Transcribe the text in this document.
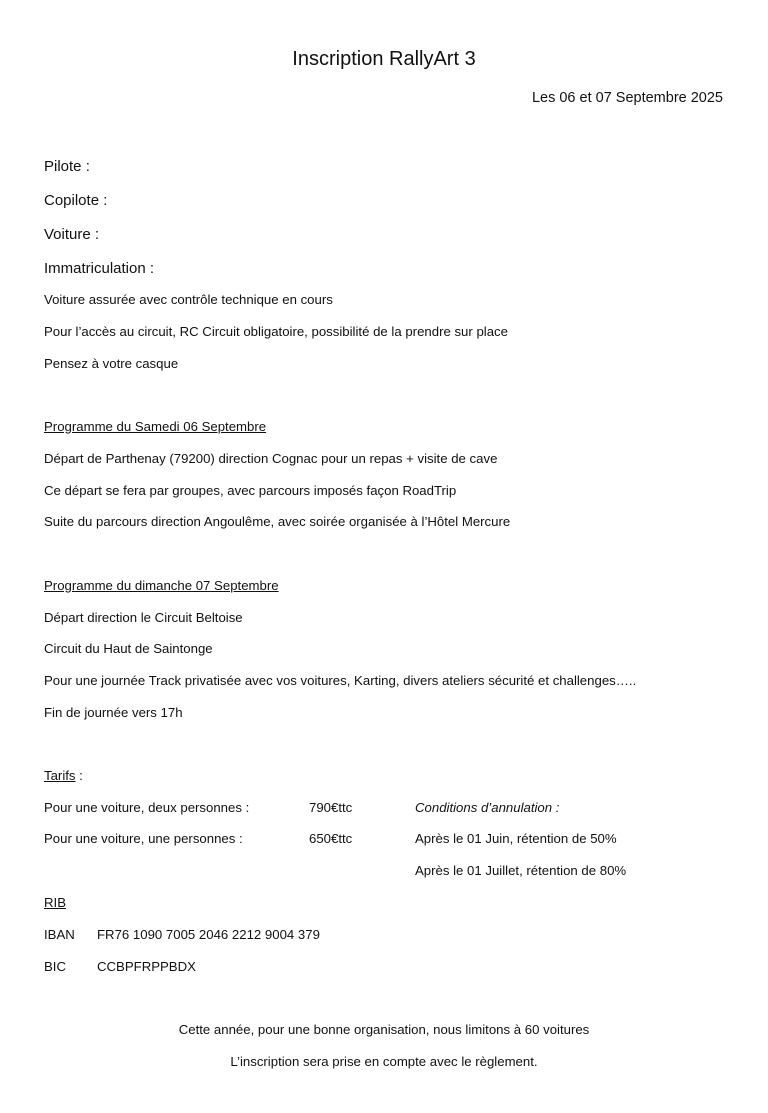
Inscription RallyArt 3
Les 06 et 07 Septembre 2025
Pilote :
Copilote :
Voiture :
Immatriculation :
Voiture assurée avec contrôle technique en cours
Pour l’accès au circuit, RC Circuit obligatoire, possibilité de la prendre sur place
Pensez à votre casque
Programme du Samedi 06 Septembre
Départ de Parthenay (79200) direction Cognac pour un repas + visite de cave
Ce départ se fera par groupes, avec parcours imposés façon RoadTrip
Suite du parcours direction Angoulême, avec soirée organisée à l’Hôtel Mercure
Programme du dimanche 07 Septembre
Départ direction le Circuit Beltoise
Circuit du Haut de Saintonge
Pour une journée Track privatisée avec vos voitures, Karting, divers ateliers sécurité et challenges…..
Fin de journée vers 17h
Tarifs :
Pour une voiture, deux personnes :	790€ttc	Conditions d’annulation :
Pour une voiture, une personnes :	650€ttc	Après le 01 Juin, rétention de 50%
Après le 01 Juillet, rétention de 80%
RIB
IBAN FR76 1090 7005 2046 2212 9004 379
BIC CCBPFRPPBDX
Cette année, pour une bonne organisation, nous limitons à 60 voitures
L’inscription sera prise en compte avec le règlement.
